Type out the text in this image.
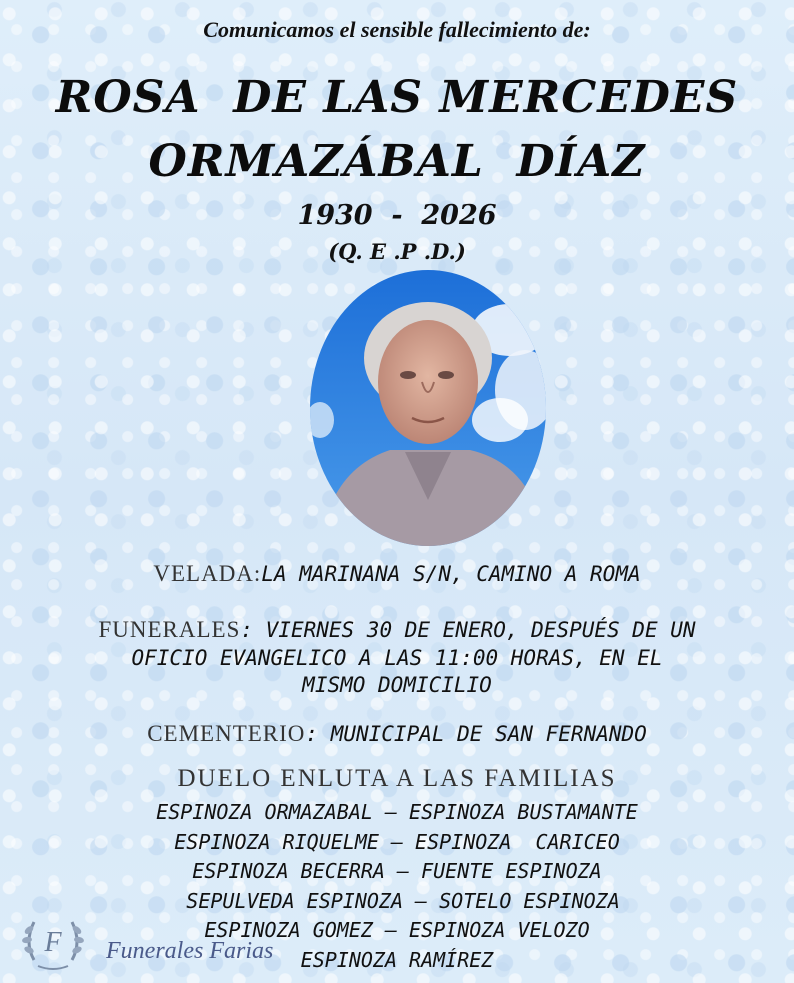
Comunicamos el sensible fallecimiento de:
ROSA  DE LAS MERCEDES
ORMAZÁBAL  DÍAZ
1930  -  2026
(Q. E .P .D.)
VELADA:LA MARINANA S/N, CAMINO A ROMA
FUNERALES: VIERNES 30 DE ENERO, DESPUÉS DE UN
OFICIO EVANGELICO A LAS 11:00 HORAS, EN EL
MISMO DOMICILIO
CEMENTERIO: MUNICIPAL DE SAN FERNANDO
DUELO ENLUTA A LAS FAMILIAS
ESPINOZA ORMAZABAL – ESPINOZA BUSTAMANTE
ESPINOZA RIQUELME – ESPINOZA  CARICEO
ESPINOZA BECERRA – FUENTE ESPINOZA
SEPULVEDA ESPINOZA – SOTELO ESPINOZA
ESPINOZA GOMEZ – ESPINOZA VELOZO
ESPINOZA RAMÍREZ
F Funerales Farias
